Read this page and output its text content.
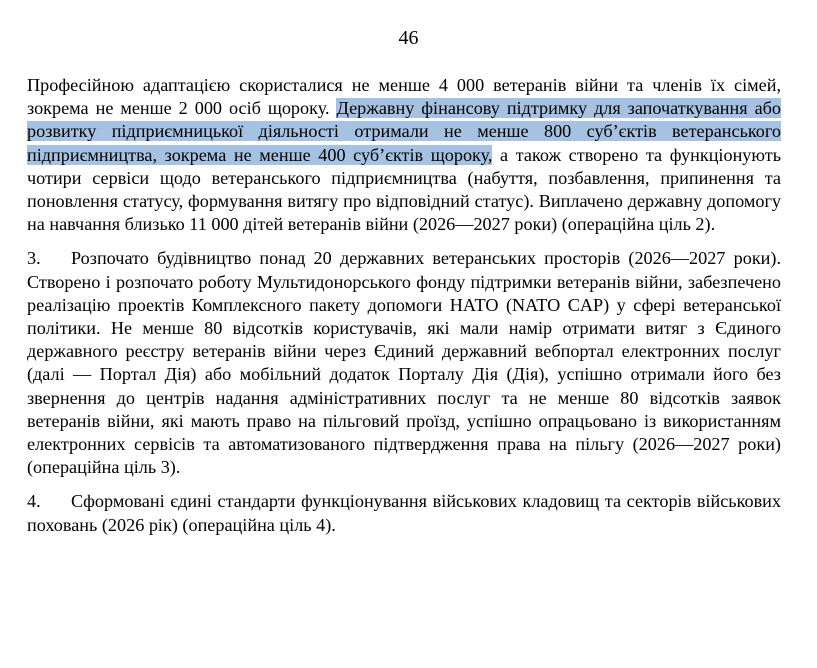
46

Професійною адаптацією скористалися не менше 4 000 ветеранів війни та членів їх сімей, зокрема не менше 2 000 осіб щороку. Державну фінансову підтримку для започаткування або розвитку підприємницької діяльності отримали не менше 800 суб’єктів ветеранського підприємництва, зокрема не менше 400 суб’єктів щороку, а також створено та функціонують чотири сервіси щодо ветеранського підприємництва (набуття, позбавлення, припинення та поновлення статусу, формування витягу про відповідний статус). Виплачено державну допомогу на навчання близько 11 000 дітей ветеранів війни (2026—2027 роки) (операційна ціль 2).

3. Розпочато будівництво понад 20 державних ветеранських просторів (2026—2027 роки). Створено і розпочато роботу Мультидонорського фонду підтримки ветеранів війни, забезпечено реалізацію проектів Комплексного пакету допомоги НАТО (NATO CAP) у сфері ветеранської політики. Не менше 80 відсотків користувачів, які мали намір отримати витяг з Єдиного державного реєстру ветеранів війни через Єдиний державний вебпортал електронних послуг (далі — Портал Дія) або мобільний додаток Порталу Дія (Дія), успішно отримали його без звернення до центрів надання адміністративних послуг та не менше 80 відсотків заявок ветеранів війни, які мають право на пільговий проїзд, успішно опрацьовано із використанням електронних сервісів та автоматизованого підтвердження права на пільгу (2026—2027 роки) (операційна ціль 3).

4. Сформовані єдині стандарти функціонування військових кладовищ та секторів військових поховань (2026 рік) (операційна ціль 4).
